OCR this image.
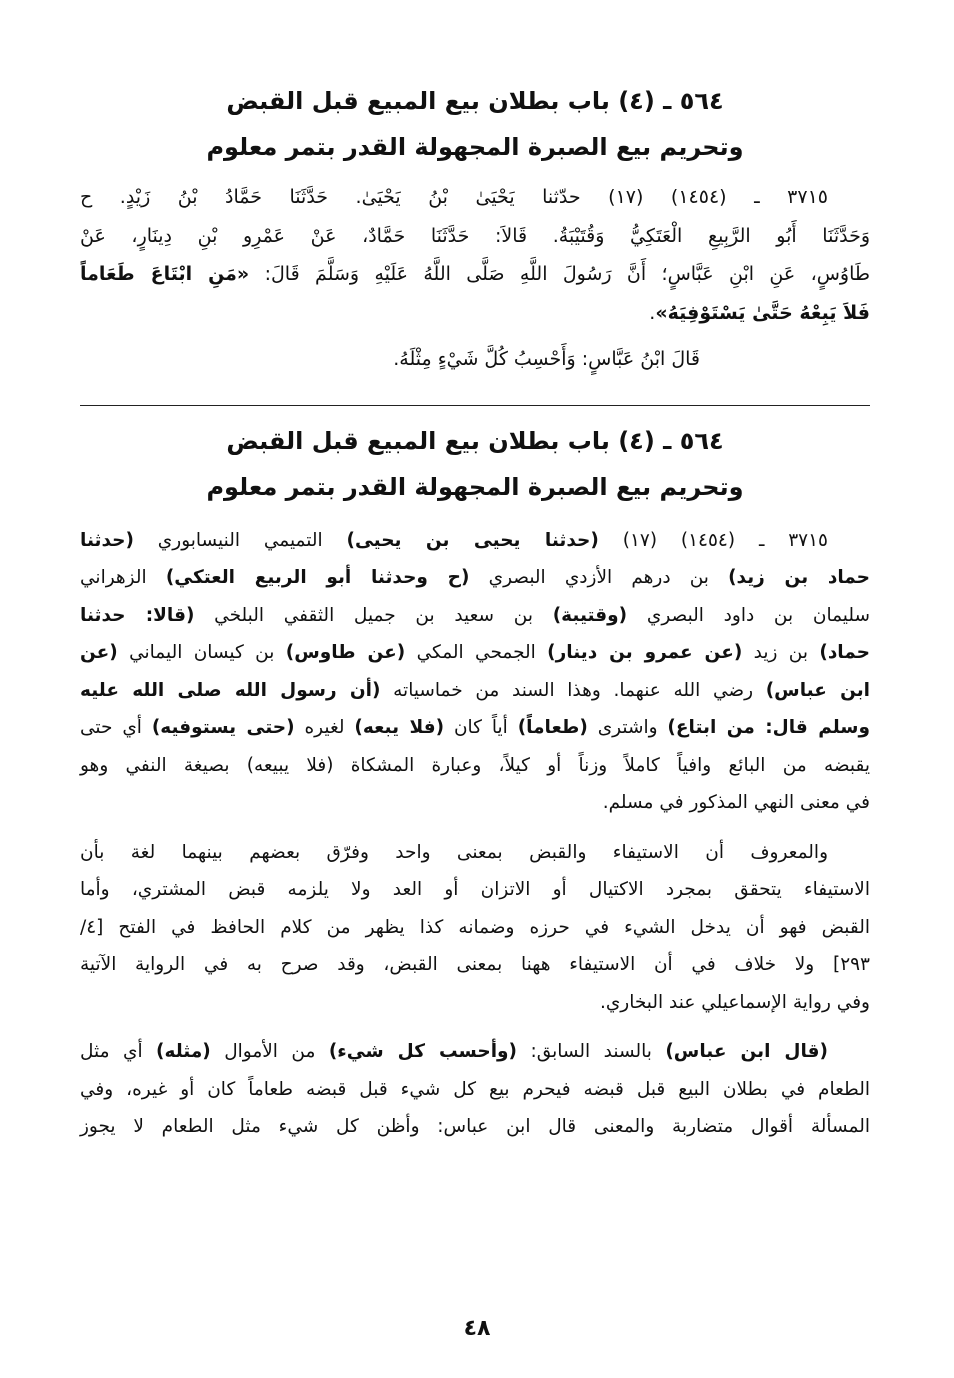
٥٦٤ ـ (٤) باب بطلان بيع المبيع قبل القبض
وتحريم بيع الصبرة المجهولة القدر بتمر معلوم
٣٧١٥ ـ (١٤٥٤) (١٧) حدّثنا يَحْيَىٰ بْنُ يَحْيَىٰ. حَدَّثَنَا حَمَّادُ بْنُ زَيْدٍ. ح
وَحَدَّثَنَا أَبُو الرَّبِيعِ الْعَتَكِيُّ وَقُتَيْبَةُ. قَالاَ: حَدَّثَنَا حَمَّادٌ، عَنْ عَمْرِو بْنِ دِينَارٍ، عَنْ
طَاوُسٍ، عَنِ ابْنِ عَبَّاسٍ؛ أَنَّ رَسُولَ اللَّهِ صَلَّى اللَّهُ عَلَيْهِ وَسَلَّمَ قَالَ: «مَنِ ابْتَاعَ طَعَاماً
فَلاَ يَبِعْهُ حَتَّىٰ يَسْتَوْفِيَهُ».
قَالَ ابْنُ عَبَّاسٍ: وَأَحْسِبُ كُلَّ شَيْءٍ مِثْلَهُ.
٥٦٤ ـ (٤) باب بطلان بيع المبيع قبل القبض
وتحريم بيع الصبرة المجهولة القدر بتمر معلوم
٣٧١٥ ـ (١٤٥٤) (١٧) (حدثنا يحيى بن يحيى) التميمي النيسابوري (حدثنا
حماد بن زيد) بن درهم الأزدي البصري (ح وحدثنا أبو الربيع العتكي) الزهراني
سليمان بن داود البصري (وقتيبة) بن سعيد بن جميل الثقفي البلخي (قالا: حدثنا
حماد) بن زيد (عن عمرو بن دينار) الجمحي المكي (عن طاوس) بن كيسان اليماني (عن
ابن عباس) رضي الله عنهما. وهذا السند من خماسياته (أن رسول الله صلى الله عليه
وسلم قال: من ابتاع) واشترى (طعاماً) أياً كان (فلا يبعه) لغيره (حتى يستوفيه) أي حتى
يقبضه من البائع وافياً كاملاً وزناً أو كيلاً، وعبارة المشكاة (فلا يبيعه) بصيغة النفي وهو
في معنى النهي المذكور في مسلم.
والمعروف أن الاستيفاء والقبض بمعنى واحد وفرّق بعضهم بينهما لغة بأن
الاستيفاء يتحقق بمجرد الاكتيال أو الاتزان أو العد ولا يلزمه قبض المشتري، وأما
القبض فهو أن يدخل الشيء في حرزه وضمانه كذا يظهر من كلام الحافظ في الفتح [٤/
٢٩٣] ولا خلاف في أن الاستيفاء ههنا بمعنى القبض، وقد صرح به في الرواية الآتية
وفي رواية الإسماعيلي عند البخاري.
(قال ابن عباس) بالسند السابق: (وأحسب كل شيء) من الأموال (مثله) أي مثل
الطعام في بطلان البيع قبل قبضه فيحرم بيع كل شيء قبل قبضه طعاماً كان أو غيره، وفي
المسألة أقوال متضاربة والمعنى قال ابن عباس: وأظن كل شيء مثل الطعام لا يجوز
٤٨
